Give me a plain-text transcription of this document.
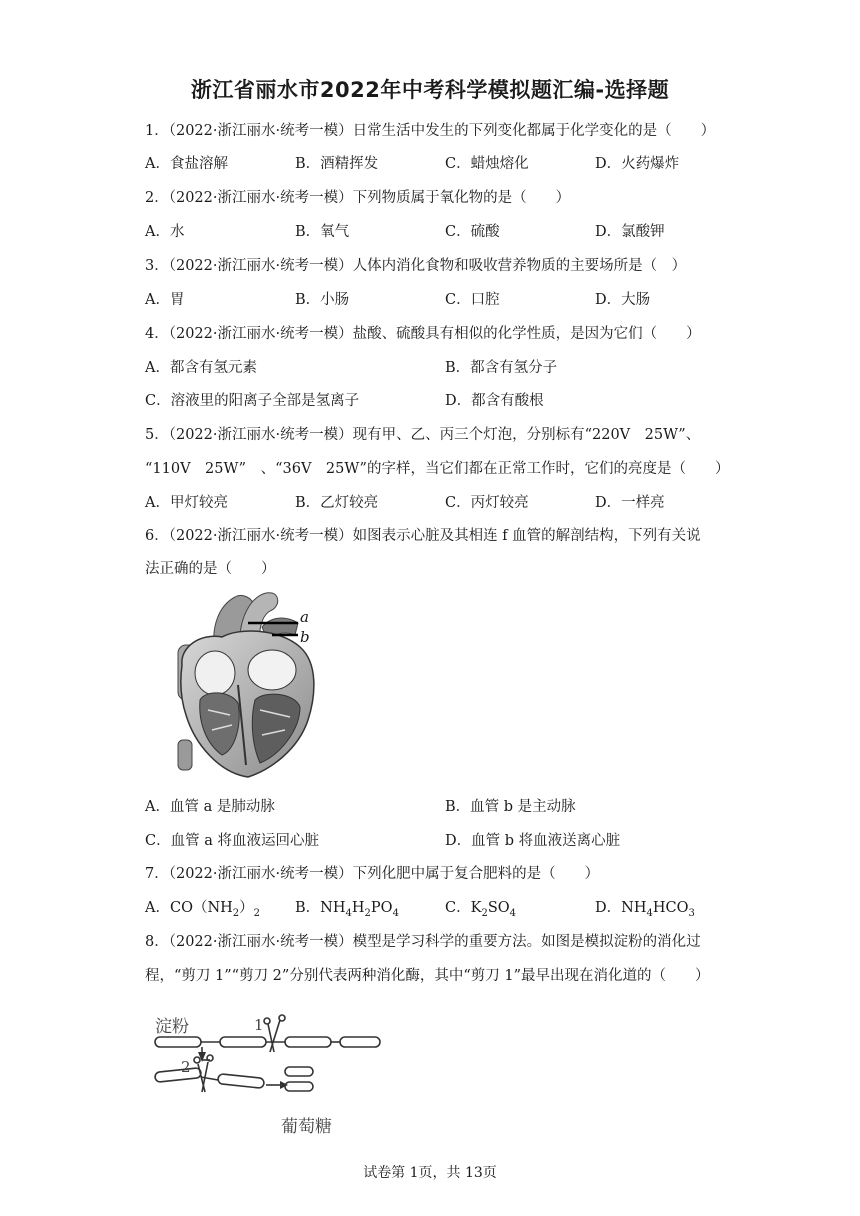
浙江省丽水市2022年中考科学模拟题汇编-选择题
1．（2022·浙江丽水·统考一模）日常生活中发生的下列变化都属于化学变化的是（　　）
A．食盐溶解	B．酒精挥发	C．蜡烛熔化	D．火药爆炸
2．（2022·浙江丽水·统考一模）下列物质属于氧化物的是（　　）
A．水	B．氧气	C．硫酸	D．氯酸钾
3．（2022·浙江丽水·统考一模）人体内消化食物和吸收营养物质的主要场所是（　）
A．胃	B．小肠	C．口腔	D．大肠
4．（2022·浙江丽水·统考一模）盐酸、硫酸具有相似的化学性质，是因为它们（　　）
A．都含有氢元素	B．都含有氢分子
C．溶液里的阳离子全部是氢离子	D．都含有酸根
5．（2022·浙江丽水·统考一模）现有甲、乙、丙三个灯泡，分别标有“220V　25W”、
“110V　25W”　、“36V　25W”的字样，当它们都在正常工作时，它们的亮度是（　　）
A．甲灯较亮	B．乙灯较亮	C．丙灯较亮	D．一样亮
6．（2022·浙江丽水·统考一模）如图表示心脏及其相连 f 血管的解剖结构，下列有关说
法正确的是（　　）
a
b
A．血管 a 是肺动脉	B．血管 b 是主动脉
C．血管 a 将血液运回心脏	D．血管 b 将血液送离心脏
7．（2022·浙江丽水·统考一模）下列化肥中属于复合肥料的是（　　）
A．$CO(NH_2)_2$ B．$NH_4H_2PO_4$	C．$K_2SO_4$	D．$NH_4HCO_3$
8．（2022·浙江丽水·统考一模）模型是学习科学的重要方法。如图是模拟淀粉的消化过
程，“剪刀 1”“剪刀 2”分别代表两种消化酶，其中“剪刀 1”最早出现在消化道的（　　）
淀粉	1
2
葡萄糖
试卷第 1页，共 13页
